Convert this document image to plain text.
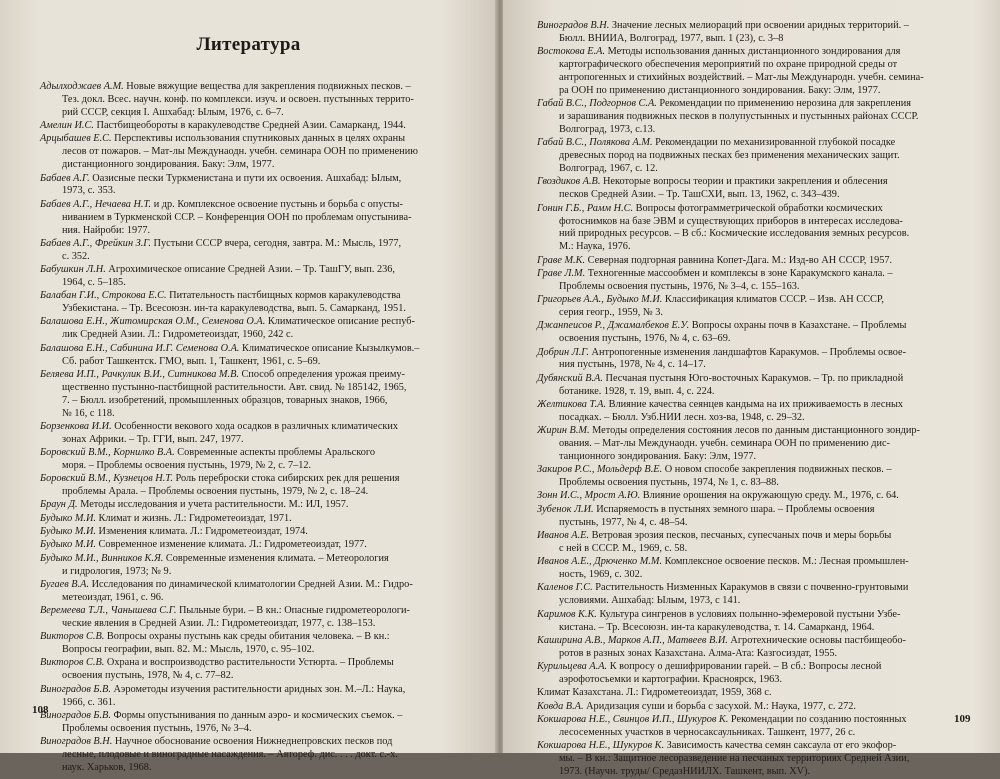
Литература

Адылходжаев А.М. Новые вяжущие вещества для закрепления подвижных песков. –
Тез. докл. Всес. научн. конф. по комплекси. изуч. и освоен. пустынных террито-
рий СССР, секция I. Ашхабад: Ылым, 1976, с. 6–7.

Амелин И.С. Пастбищеобороты в каракулеводстве Средней Азии. Самарканд, 1944.

Арцыбашев Е.С. Перспективы использования спутниковых данных в целях охраны
лесов от пожаров. – Мат-лы Междунаодн. учебн. семинара ООН по применению
дистанционного зондирования. Баку: Элм, 1977.

Бабаев А.Г. Оазисные пески Туркменистана и пути их освоения. Ашхабад: Ылым,
1973, с. 353.

Бабаев А.Г., Нечаева Н.Т. и др. Комплексное освоение пустынь и борьба с опусты-
ниванием в Туркменской ССР. – Конференция ООН по проблемам опустынива-
ния. Найроби: 1977.

Бабаев А.Г., Фрейкин З.Г. Пустыни СССР вчера, сегодня, завтра. М.: Мысль, 1977,
с. 352.

Бабушкин Л.Н. Агрохимическое описание Средней Азии. – Тр. ТашГУ, вып. 236,
1964, с. 5–185.

Балабан Г.И., Строкова Е.С. Питательность пастбищных кормов каракулеводства
Узбекистана. – Тр. Всесоюзн. ин-та каракулеводства, вып. 5. Самарканд, 1951.

Балашова Е.Н., Житомирская О.М., Семенова О.А. Климатическое описание респуб-
лик Средней Азии. Л.: Гидрометеоиздат, 1960, 242 с.

Балашова Е.Н., Сабинина И.Г. Семенова О.А. Климатическое описание Кызылкумов.–
Сб. работ Ташкентск. ГМО, вып. 1, Ташкент, 1961, с. 5–69.

Беляева И.П., Рачкулик В.И., Ситникова М.В. Способ определения урожая преиму-
щественно пустынно-пастбищной растительности. Авт. свид. № 185142, 1965,
7. – Бюлл. изобретений, промышленных образцов, товарных знаков, 1966,
№ 16, с 118.

Борзенкова И.И. Особенности векового хода осадков в различных климатических
зонах Африки. – Тр. ГГИ, вып. 247, 1977.

Боровский В.М., Корнилко В.А. Современные аспекты проблемы Аральского
моря. – Проблемы освоения пустынь, 1979, № 2, с. 7–12.

Боровский В.М., Кузнецов Н.Т. Роль переброски стока сибирских рек для решения
проблемы Арала. – Проблемы освоения пустынь, 1979, № 2, с. 18–24.

Браун Д. Методы исследования и учета растительности. М.: ИЛ, 1957.

Будыко М.И. Климат и жизнь. Л.: Гидрометеоиздат, 1971.

Будыко М.И. Изменения климата. Л.: Гидрометеоиздат, 1974.

Будыко М.И. Современное изменение климата. Л.: Гидрометеоиздат, 1977.

Будыко М.И., Винников К.Я. Современные изменения климата. – Метеорология
и гидрология, 1973; № 9.

Бугаев В.А. Исследования по динамической климатологии Средней Азии. М.: Гидро-
метеоиздат, 1961, с. 96.

Веремеева Т.Л., Чанышева С.Г. Пыльные бури. – В кн.: Опасные гидрометеорологи-
ческие явления в Средней Азии. Л.: Гидрометеоиздат, 1977, с. 138–153.

Викторов С.В. Вопросы охраны пустынь как среды обитания человека. – В кн.:
Вопросы географии, вып. 82. М.: Мысль, 1970, с. 95–102.

Викторов С.В. Охрана и воспроизводство растительности Устюрта. – Проблемы
освоения пустынь, 1978, № 4, с. 77–82.

Виноградов Б.В. Аэрометоды изучения растительности аридных зон. М.–Л.: Наука,
1966, с. 361.

Виноградов Б.В. Формы опустынивания по данным аэро- и космических съемок. –
Проблемы освоения пустынь, 1976, № 3–4.

Виноградов В.Н. Научное обоснование освоения Нижнеднепровских песков под
лесные, плодовые и виноградные насаждения. – Автореф. дис. . . . докт. с.-х.
наук. Харьков, 1968.

108

Виноградов В.Н. Значение лесных мелиораций при освоении аридных территорий. –
Бюлл. ВНИИА, Волгоград, 1977, вып. 1 (23), с. 3–8

Востокова Е.А. Методы использования данных дистанционного зондирования для
картографического обеспечения мероприятий по охране природной среды от
антропогенных и стихийных воздействий. – Мат-лы Международн. учебн. семина-
ра ООН по применению дистанционного зондирования. Баку: Элм, 1977.

Габай В.С., Подгорнов С.А. Рекомендации по применению нерозина для закрепления
и зарашивания подвижных песков в полупустынных и пустынных районах СССР.
Волгоград, 1973, с.13.

Габай В.С., Полякова А.М. Рекомендации по механизированной глубокой посадке
древесных пород на подвижных песках без применения механических защит.
Волгоград, 1967, с. 12.

Гвоздиков А.В. Некоторые вопросы теории и практики закрепления и облесения
песков Средней Азии. – Тр. ТашСХИ, вып. 13, 1962, с. 343–439.

Гонин Г.Б., Рамм Н.С. Вопросы фотограмметрической обработки космических
фотоснимков на базе ЭВМ и существующих приборов в интересах исследова-
ний природных ресурсов. – В сб.: Космические исследования земных ресурсов.
М.: Наука, 1976.

Граве М.К. Северная подгорная равнина Копет-Дага. М.: Изд-во АН СССР, 1957.

Граве Л.М. Техногенные массообмен и комплексы в зоне Каракумского канала. –
Проблемы освоения пустынь, 1976, № 3–4, с. 155–163.

Григорьев А.А., Будыко М.И. Классификация климатов СССР. – Изв. АН СССР,
серия геогр., 1959, № 3.

Джанпеисов Р., Джамалбеков Е.У. Вопросы охраны почв в Казахстане. – Проблемы
освоения пустынь, 1976, № 4, с. 63–69.

Добрин Л.Г. Антропогенные изменения ландшафтов Каракумов. – Проблемы освое-
ния пустынь, 1978, № 4, с. 14–17.

Дубянский В.А. Песчаная пустыня Юго-восточных Каракумов. – Тр. по прикладной
ботанике. 1928, т. 19, вып. 4, с. 224.

Желтикова Т.А. Влияние качества сеянцев кандыма на их приживаемость в лесных
посадках. – Бюлл. Узб.НИИ лесн. хоз-ва, 1948, с. 29–32.

Жирин В.М. Методы определения состояния лесов по данным дистанционного зондир-
ования. – Мат-лы Междунаодн. учебн. семинара ООН по применению дис-
танционного зондирования. Баку: Элм, 1977.

Закиров Р.С., Мольдерф В.Е. О новом способе закрепления подвижных песков. –
Проблемы освоения пустынь, 1974, № 1, с. 83–88.

Зонн И.С., Мрост А.Ю. Влияние орошения на окружающую среду. М., 1976, с. 64.

Зубенок Л.И. Испаряемость в пустынях земного шара. – Проблемы освоения
пустынь, 1977, № 4, с. 48–54.

Иванов А.Е. Ветровая эрозия песков, песчаных, супесчаных почв и меры борьбы
с ней в СССР. М., 1969, с. 58.

Иванов А.Е., Дрюченко М.М. Комплексное освоение песков. М.: Лесная промышлен-
ность, 1969, с. 302.

Каленов Г.С. Растительность Низменных Каракумов в связи с почвенно-грунтовыми
условиями. Ашхабад: Ылым, 1973, с 141.

Каримов К.К. Культура сингренов в условиях полынно-эфемеровой пустыни Узбе-
кистана. – Тр. Всесоюзн. ин-та каракулеводства, т. 14. Самарканд, 1964.

Каширина А.В., Марков А.П., Матвеев В.И. Агротехнические основы пастбищеобо-
ротов в разных зонах Казахстана. Алма-Ата: Казгосиздат, 1955.

Курильцева А.А. К вопросу о дешифрировании гарей. – В сб.: Вопросы лесной
аэрофотосъемки и картографии. Красноярск, 1963.

Климат Казахстана. Л.: Гидрометеоиздат, 1959, 368 с.

Ковда В.А. Аридизация суши и борьба с засухой. М.: Наука, 1977, с. 272.

Кокшарова Н.Е., Свинцов И.П., Шукуров К. Рекомендации по созданию постоянных
лесосеменных участков в черносаксаульниках. Ташкент, 1977, 26 с.

Кокшарова Н.Е., Шукуров К. Зависимость качества семян саксаула от его экофор-
мы. – В кн.: Защитное лесоразведение на песчаных территориях Средней Азии,
1973. (Научн. труды/ СредазНИИЛХ. Ташкент, вып. XV).

109
